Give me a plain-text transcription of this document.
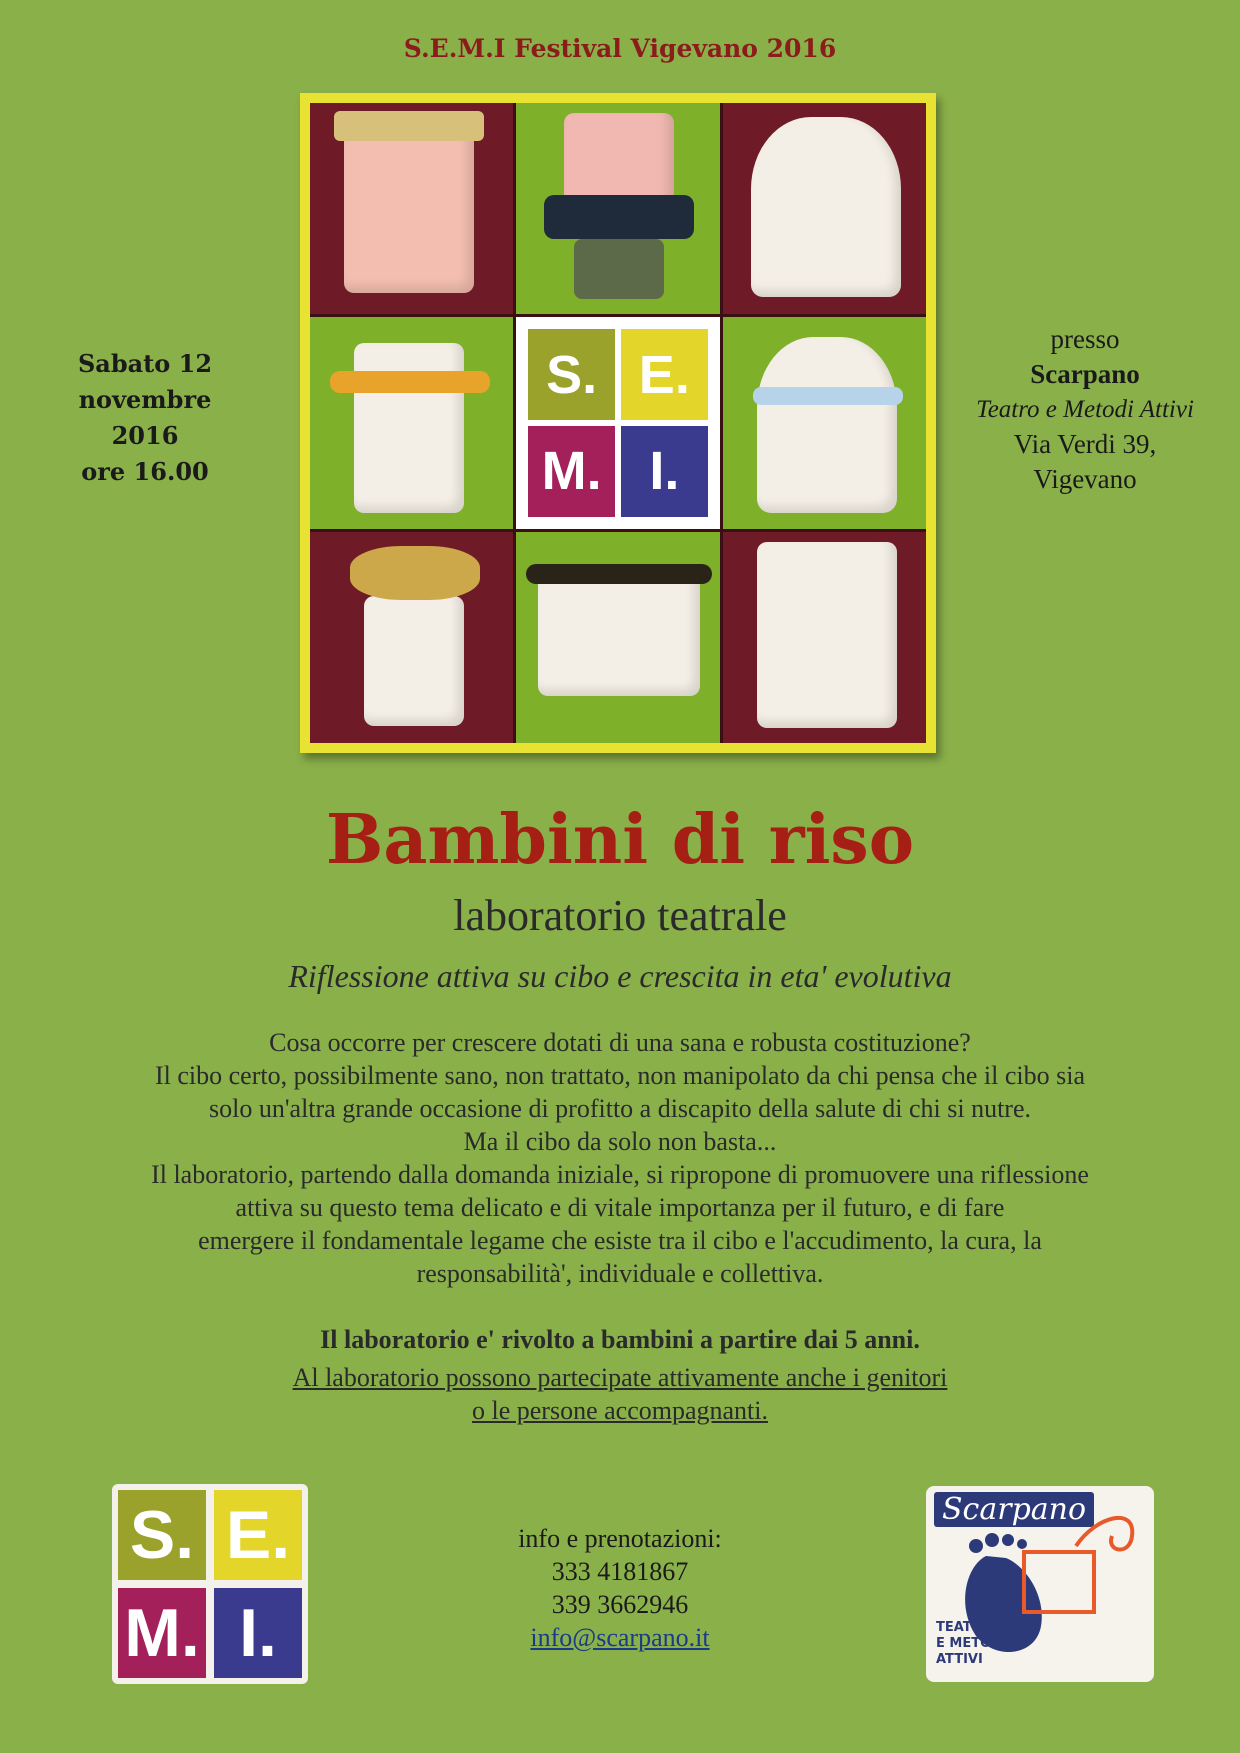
S.E.M.I Festival Vigevano 2016
Sabato 12
novembre
2016
ore 16.00
presso
Scarpano
Teatro e Metodi Attivi
Via Verdi 39,
Vigevano
S. E.
M. I.
Bambini di riso
laboratorio teatrale
Riflessione attiva su cibo e crescita in eta' evolutiva
Cosa occorre per crescere dotati di una sana e robusta costituzione?
Il cibo certo, possibilmente sano, non trattato, non manipolato da chi pensa che il cibo sia
solo un'altra grande occasione di profitto a discapito della salute di chi si nutre.
Ma il cibo da solo non basta...
Il laboratorio, partendo dalla domanda iniziale, si ripropone di promuovere una riflessione
attiva su questo tema delicato e di vitale importanza per il futuro, e di fare
emergere il fondamentale legame che esiste tra il cibo e l'accudimento, la cura, la
responsabilità', individuale e collettiva.
Il laboratorio e' rivolto a bambini a partire dai 5 anni.
Al laboratorio possono partecipate attivamente anche i genitori
o le persone accompagnanti.
S. E.
M. I.
info e prenotazioni:
333 4181867
339 3662946
info@scarpano.it
Scarpano
TEATRO
E METODI
ATTIVI
